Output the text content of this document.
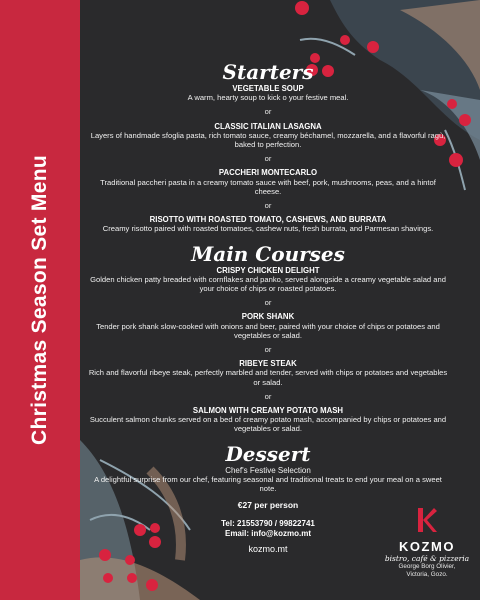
Christmas Season Set Menu
Starters
VEGETABLE SOUP
A warm, hearty soup to kick o your festive meal.
or
CLASSIC ITALIAN LASAGNA
Layers of handmade sfoglia pasta, rich tomato sauce, creamy béchamel, mozzarella, and a flavorful ragù, baked to perfection.
or
PACCHERI MONTECARLO
Traditional paccheri pasta in a creamy tomato sauce with beef, pork, mushrooms, peas, and a hintof cheese.
or
RISOTTO WITH ROASTED TOMATO, CASHEWS, AND BURRATA
Creamy risotto paired with roasted tomatoes, cashew nuts, fresh burrata, and Parmesan shavings.
Main Courses
CRISPY CHICKEN DELIGHT
Golden chicken patty breaded with cornflakes and panko, served alongside a creamy vegetable salad and your choice of chips or roasted potatoes.
or
PORK SHANK
Tender pork shank slow-cooked with onions and beer, paired with your choice of chips or potatoes and vegetables or salad.
or
RIBEYE STEAK
Rich and flavorful ribeye steak, perfectly marbled and tender, served with chips or potatoes and vegetables or salad.
or
SALMON WITH CREAMY POTATO MASH
Succulent salmon chunks served on a bed of creamy potato mash, accompanied by chips or potatoes and vegetables or salad.
Dessert
Chef's Festive Selection
A delightful surprise from our chef, featuring seasonal and traditional treats to end your meal on a sweet note.
€27 per person
Tel: 21553790 / 99822741
Email: info@kozmo.mt
kozmo.mt	KOZMO
bistro, café & pizzeria
George Borg Olivier,
Victoria, Gozo.
